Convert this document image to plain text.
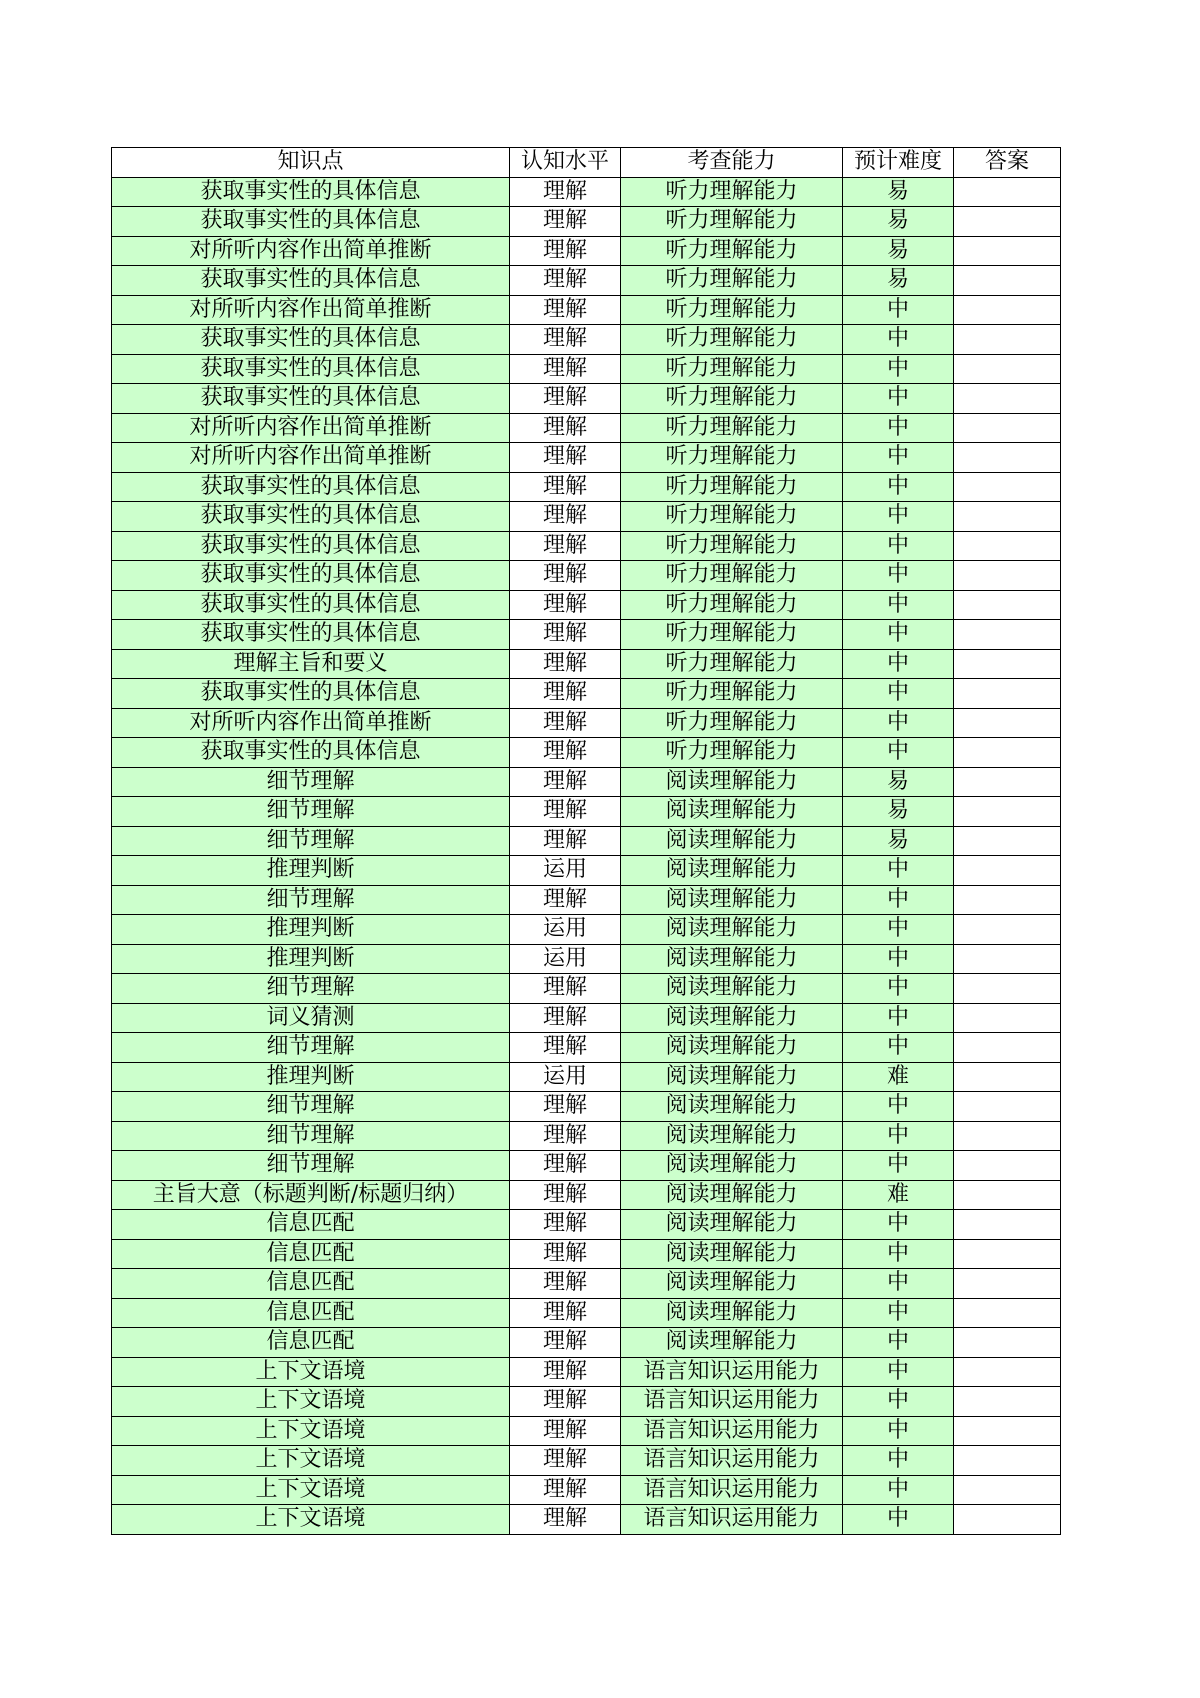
知识点	认知水平	考查能力	预计难度	答案
获取事实性的具体信息	理解	听力理解能力	易	
获取事实性的具体信息	理解	听力理解能力	易	
对所听内容作出简单推断	理解	听力理解能力	易	
获取事实性的具体信息	理解	听力理解能力	易	
对所听内容作出简单推断	理解	听力理解能力	中	
获取事实性的具体信息	理解	听力理解能力	中	
获取事实性的具体信息	理解	听力理解能力	中	
获取事实性的具体信息	理解	听力理解能力	中	
对所听内容作出简单推断	理解	听力理解能力	中	
对所听内容作出简单推断	理解	听力理解能力	中	
获取事实性的具体信息	理解	听力理解能力	中	
获取事实性的具体信息	理解	听力理解能力	中	
获取事实性的具体信息	理解	听力理解能力	中	
获取事实性的具体信息	理解	听力理解能力	中	
获取事实性的具体信息	理解	听力理解能力	中	
获取事实性的具体信息	理解	听力理解能力	中	
理解主旨和要义	理解	听力理解能力	中	
获取事实性的具体信息	理解	听力理解能力	中	
对所听内容作出简单推断	理解	听力理解能力	中	
获取事实性的具体信息	理解	听力理解能力	中	
细节理解	理解	阅读理解能力	易	
细节理解	理解	阅读理解能力	易	
细节理解	理解	阅读理解能力	易	
推理判断	运用	阅读理解能力	中	
细节理解	理解	阅读理解能力	中	
推理判断	运用	阅读理解能力	中	
推理判断	运用	阅读理解能力	中	
细节理解	理解	阅读理解能力	中	
词义猜测	理解	阅读理解能力	中	
细节理解	理解	阅读理解能力	中	
推理判断	运用	阅读理解能力	难	
细节理解	理解	阅读理解能力	中	
细节理解	理解	阅读理解能力	中	
细节理解	理解	阅读理解能力	中	
主旨大意（标题判断/标题归纳）	理解	阅读理解能力	难	
信息匹配	理解	阅读理解能力	中	
信息匹配	理解	阅读理解能力	中	
信息匹配	理解	阅读理解能力	中	
信息匹配	理解	阅读理解能力	中	
信息匹配	理解	阅读理解能力	中	
上下文语境	理解	语言知识运用能力	中	
上下文语境	理解	语言知识运用能力	中	
上下文语境	理解	语言知识运用能力	中	
上下文语境	理解	语言知识运用能力	中	
上下文语境	理解	语言知识运用能力	中	
上下文语境	理解	语言知识运用能力	中	
